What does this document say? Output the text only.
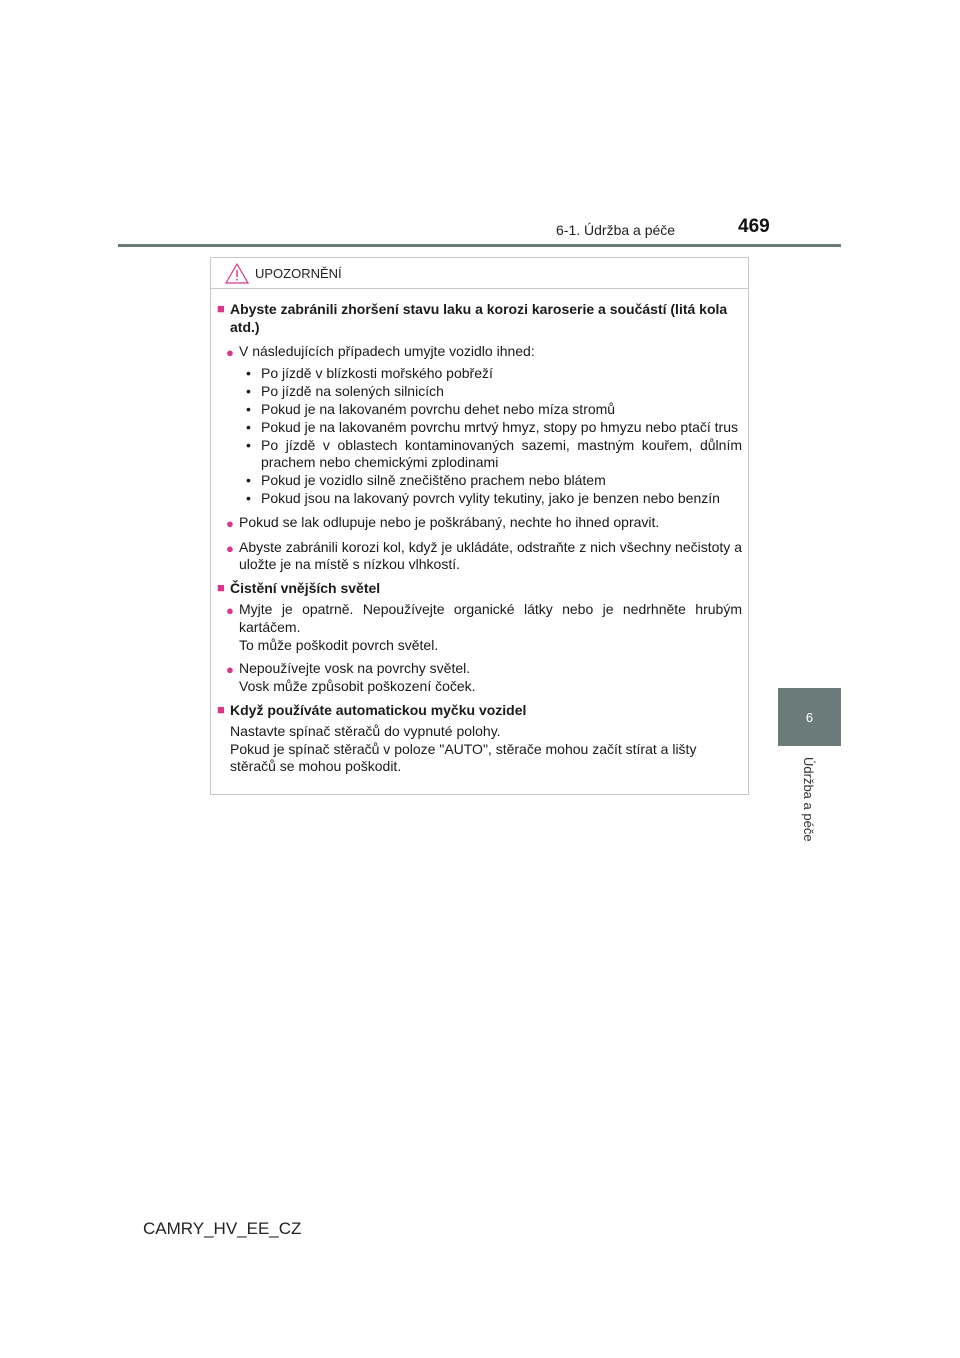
6-1. Údržba a péče	469
6
Údržba a péče
UPOZORNĚNÍ
■ Abyste zabránili zhoršení stavu laku a korozi karoserie a součástí (litá kola atd.)
● V následujících případech umyjte vozidlo ihned:
• Po jízdě v blízkosti mořského pobřeží
• Po jízdě na solených silnicích
• Pokud je na lakovaném povrchu dehet nebo míza stromů
• Pokud je na lakovaném povrchu mrtvý hmyz, stopy po hmyzu nebo ptačí trus
• Po jízdě v oblastech kontaminovaných sazemi, mastným kouřem, důlním prachem nebo chemickými zplodinami
• Pokud je vozidlo silně znečištěno prachem nebo blátem
• Pokud jsou na lakovaný povrch vylity tekutiny, jako je benzen nebo benzín
● Pokud se lak odlupuje nebo je poškrábaný, nechte ho ihned opravit.
● Abyste zabránili korozi kol, když je ukládáte, odstraňte z nich všechny nečistoty a uložte je na místě s nízkou vlhkostí.
■ Čistění vnějších světel
● Myjte je opatrně. Nepoužívejte organické látky nebo je nedrhněte hrubým kartáčem.
To může poškodit povrch světel.
● Nepoužívejte vosk na povrchy světel.
Vosk může způsobit poškození čoček.
■ Když používáte automatickou myčku vozidel
Nastavte spínač stěračů do vypnuté polohy.
Pokud je spínač stěračů v poloze "AUTO", stěrače mohou začít stírat a lišty stěračů se mohou poškodit.
CAMRY_HV_EE_CZ
